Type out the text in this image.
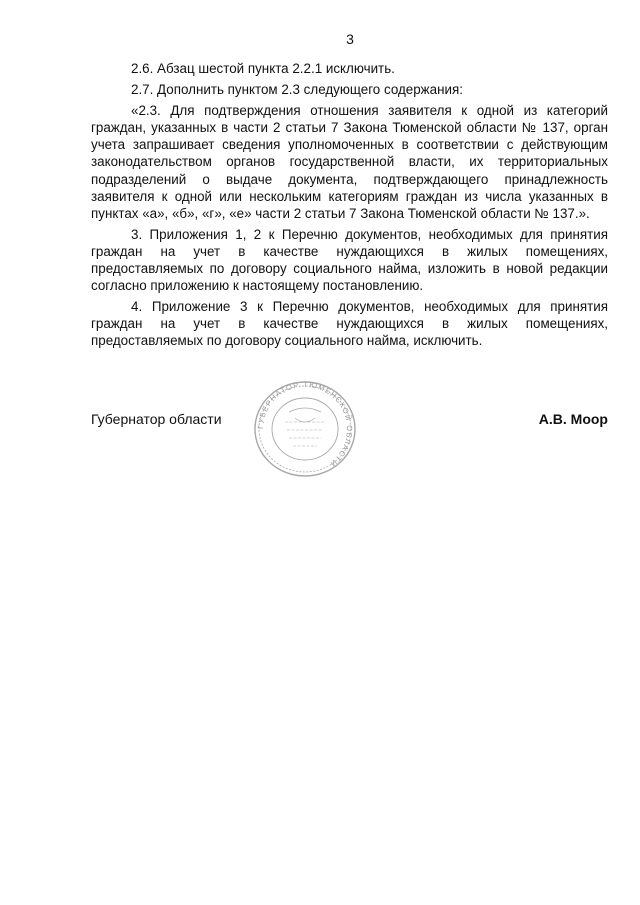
3

2.6. Абзац шестой пункта 2.2.1 исключить.

2.7. Дополнить пунктом 2.3 следующего содержания:

«2.3. Для подтверждения отношения заявителя к одной из категорий граждан, указанных в части 2 статьи 7 Закона Тюменской области № 137, орган учета запрашивает сведения уполномоченных в соответствии с действующим законодательством органов государственной власти, их территориальных подразделений о выдаче документа, подтверждающего принадлежность заявителя к одной или нескольким категориям граждан из числа указанных в пунктах «а», «б», «г», «е» части 2 статьи 7 Закона Тюменской области № 137.».

3. Приложения 1, 2 к Перечню документов, необходимых для принятия граждан на учет в качестве нуждающихся в жилых помещениях, предоставляемых по договору социального найма, изложить в новой редакции согласно приложению к настоящему постановлению.

4. Приложение 3 к Перечню документов, необходимых для принятия граждан на учет в качестве нуждающихся в жилых помещениях, предоставляемых по договору социального найма, исключить.

ГУБЕРНАТОР ТЮМЕНСКОЙ ОБЛАСТИ
Губернатор области	А.В. Моор
